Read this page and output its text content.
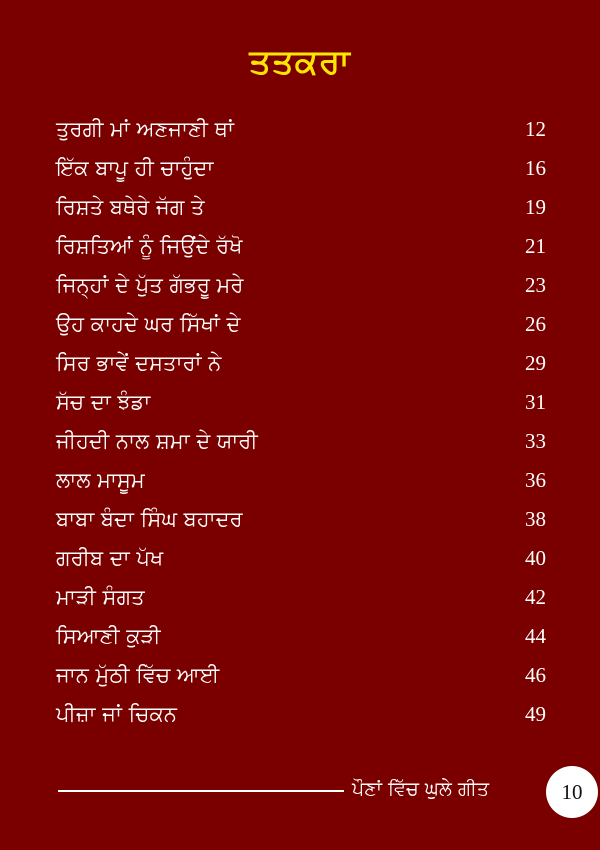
ਤਤਕਰਾ
ਤੁਰਗੀ ਮਾਂ ਅਣਜਾਣੀ ਥਾਂ	12
ਇੱਕ ਬਾਪੂ ਹੀ ਚਾਹੁੰਦਾ	16
ਰਿਸ਼ਤੇ ਬਥੇਰੇ ਜੱਗ ਤੇ	19
ਰਿਸ਼ਤਿਆਂ ਨੂੰ ਜਿਉਂਦੇ ਰੱਖੋ	21
ਜਿਨ੍ਹਾਂ ਦੇ ਪੁੱਤ ਗੱਭਰੂ ਮਰੇ	23
ਉਹ ਕਾਹਦੇ ਘਰ ਸਿੱਖਾਂ ਦੇ	26
ਸਿਰ ਭਾਵੇਂ ਦਸਤਾਰਾਂ ਨੇ	29
ਸੱਚ ਦਾ ਝੰਡਾ	31
ਜੀਹਦੀ ਨਾਲ ਸ਼ਮਾ ਦੇ ਯਾਰੀ	33
ਲਾਲ ਮਾਸੂਮ	36
ਬਾਬਾ ਬੰਦਾ ਸਿੰਘ ਬਹਾਦਰ	38
ਗਰੀਬ ਦਾ ਪੱਖ	40
ਮਾੜੀ ਸੰਗਤ	42
ਸਿਆਣੀ ਕੁੜੀ	44
ਜਾਨ ਮੁੱਠੀ ਵਿੱਚ ਆਈ	46
ਪੀਜ਼ਾ ਜਾਂ ਚਿਕਨ	49
ਪੌਣਾਂ ਵਿੱਚ ਘੁਲੇ ਗੀਤ	10
